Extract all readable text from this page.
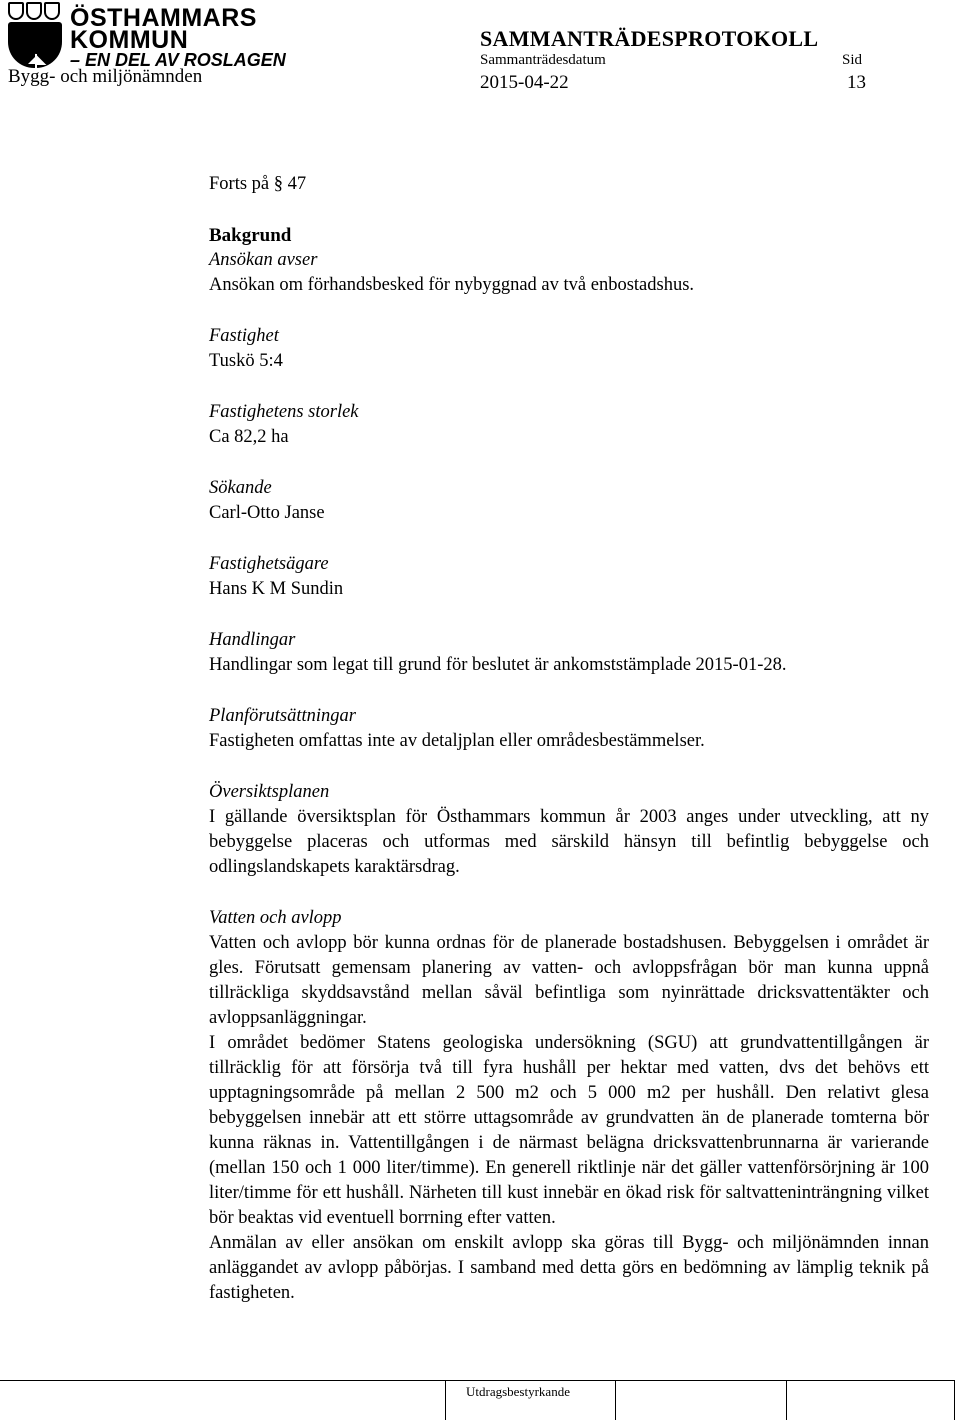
ÖSTHAMMARS
KOMMUN
– EN DEL AV ROSLAGEN
Bygg- och miljönämnden
SAMMANTRÄDESPROTOKOLL
Sammanträdesdatum
2015-04-22
Sid
13

Forts på § 47

Bakgrund

Ansökan avser

Ansökan om förhandsbesked för nybyggnad av två enbostadshus.

Fastighet

Tuskö 5:4

Fastighetens storlek

Ca 82,2 ha

Sökande

Carl-Otto Janse

Fastighetsägare

Hans K M Sundin

Handlingar

Handlingar som legat till grund för beslutet är ankomststämplade 2015-01-28.

Planförutsättningar

Fastigheten omfattas inte av detaljplan eller områdesbestämmelser.

Översiktsplanen

I gällande översiktsplan för Östhammars kommun år 2003 anges under utveckling, att ny bebyggelse placeras och utformas med särskild hänsyn till befintlig bebyggelse och odlingslandskapets karaktärsdrag.

Vatten och avlopp

Vatten och avlopp bör kunna ordnas för de planerade bostadshusen. Bebyggelsen i området är gles. Förutsatt gemensam planering av vatten- och avloppsfrågan bör man kunna uppnå tillräckliga skyddsavstånd mellan såväl befintliga som nyinrättade dricksvattentäkter och avloppsanläggningar.

I området bedömer Statens geologiska undersökning (SGU) att grundvattentillgången är tillräcklig för att försörja två till fyra hushåll per hektar med vatten, dvs det behövs ett upptagningsområde på mellan 2 500 m2 och 5 000 m2 per hushåll. Den relativt glesa bebyggelsen innebär att ett större uttagsområde av grundvatten än de planerade tomterna bör kunna räknas in. Vattentillgången i de närmast belägna dricksvattenbrunnarna är varierande (mellan 150 och 1 000 liter/timme). En generell riktlinje när det gäller vattenförsörjning är 100 liter/timme för ett hushåll. Närheten till kust innebär en ökad risk för saltvatteninträngning vilket bör beaktas vid eventuell borrning efter vatten.

Anmälan av eller ansökan om enskilt avlopp ska göras till Bygg- och miljönämnden innan anläggandet av avlopp påbörjas. I samband med detta görs en bedömning av lämplig teknik på fastigheten.

Utdragsbestyrkande
